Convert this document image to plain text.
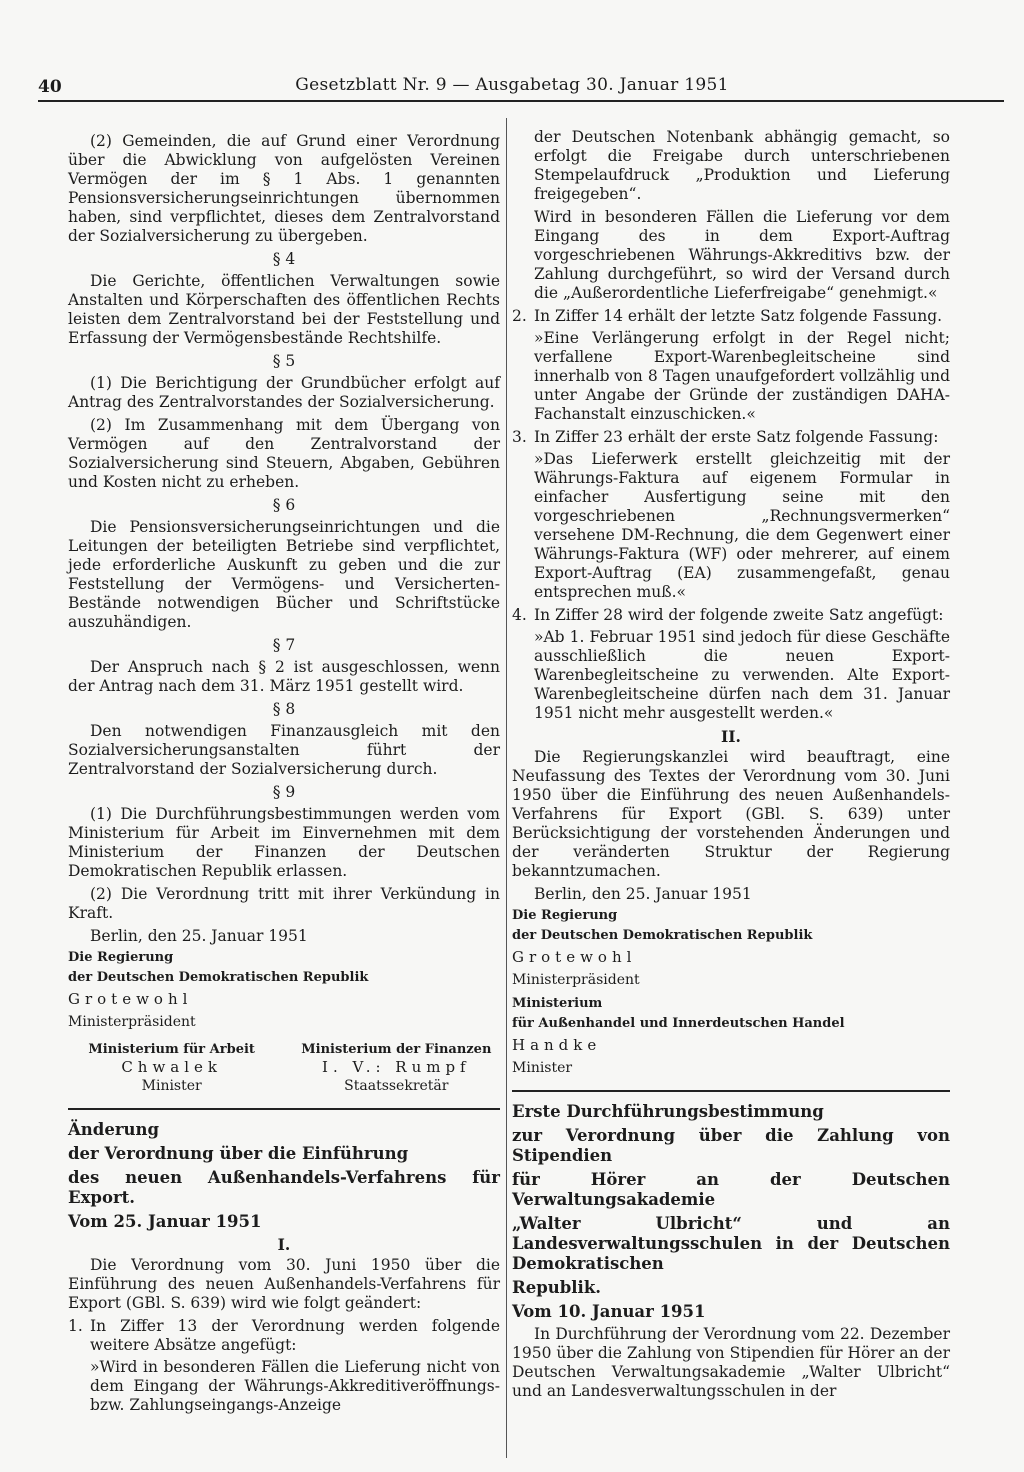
40	Gesetzblatt Nr. 9 — Ausgabetag 30. Januar 1951

(2) Gemeinden, die auf Grund einer Verordnung über die Abwicklung von aufgelösten Vereinen Vermögen der im § 1 Abs. 1 genannten Pensionsversicherungseinrichtungen übernommen haben, sind verpflichtet, dieses dem Zentralvorstand der Sozialversicherung zu übergeben.

§ 4

Die Gerichte, öffentlichen Verwaltungen sowie Anstalten und Körperschaften des öffentlichen Rechts leisten dem Zentralvorstand bei der Feststellung und Erfassung der Vermögensbestände Rechtshilfe.

§ 5

(1) Die Berichtigung der Grundbücher erfolgt auf Antrag des Zentralvorstandes der Sozialversicherung.

(2) Im Zusammenhang mit dem Übergang von Vermögen auf den Zentralvorstand der Sozialversicherung sind Steuern, Abgaben, Gebühren und Kosten nicht zu erheben.

§ 6

Die Pensionsversicherungseinrichtungen und die Leitungen der beteiligten Betriebe sind verpflichtet, jede erforderliche Auskunft zu geben und die zur Feststellung der Vermögens- und Versicherten-Bestände notwendigen Bücher und Schriftstücke auszuhändigen.

§ 7

Der Anspruch nach § 2 ist ausgeschlossen, wenn der Antrag nach dem 31. März 1951 gestellt wird.

§ 8

Den notwendigen Finanzausgleich mit den Sozialversicherungsanstalten führt der Zentralvorstand der Sozialversicherung durch.

§ 9

(1) Die Durchführungsbestimmungen werden vom Ministerium für Arbeit im Einvernehmen mit dem Ministerium der Finanzen der Deutschen Demokratischen Republik erlassen.

(2) Die Verordnung tritt mit ihrer Verkündung in Kraft.

Berlin, den 25. Januar 1951

Die Regierung

der Deutschen Demokratischen Republik

Grotewohl

Ministerpräsident

Ministerium für Arbeit
Chwalek
Minister
Ministerium der Finanzen
I. V.: Rumpf
Staatssekretär

Änderung

der Verordnung über die Einführung

des neuen Außenhandels-Verfahrens für Export.

Vom 25. Januar 1951

I.

Die Verordnung vom 30. Juni 1950 über die Einführung des neuen Außenhandels-Verfahrens für Export (GBl. S. 639) wird wie folgt geändert:

1. In Ziffer 13 der Verordnung werden folgende weitere Absätze angefügt:

»Wird in besonderen Fällen die Lieferung nicht von dem Eingang der Währungs-Akkreditiveröffnungs- bzw. Zahlungseingangs-Anzeige

der Deutschen Notenbank abhängig gemacht, so erfolgt die Freigabe durch unterschriebenen Stempelaufdruck „Produktion und Lieferung freigegeben“.

Wird in besonderen Fällen die Lieferung vor dem Eingang des in dem Export-Auftrag vorgeschriebenen Währungs-Akkreditivs bzw. der Zahlung durchgeführt, so wird der Versand durch die „Außerordentliche Lieferfreigabe“ genehmigt.«

2. In Ziffer 14 erhält der letzte Satz folgende Fassung.

»Eine Verlängerung erfolgt in der Regel nicht; verfallene Export-Warenbegleitscheine sind innerhalb von 8 Tagen unaufgefordert vollzählig und unter Angabe der Gründe der zuständigen DAHA-Fachanstalt einzuschicken.«

3. In Ziffer 23 erhält der erste Satz folgende Fassung:

»Das Lieferwerk erstellt gleichzeitig mit der Währungs-Faktura auf eigenem Formular in einfacher Ausfertigung seine mit den vorgeschriebenen „Rechnungsvermerken“ versehene DM-Rechnung, die dem Gegenwert einer Währungs-Faktura (WF) oder mehrerer, auf einem Export-Auftrag (EA) zusammengefaßt, genau entsprechen muß.«

4. In Ziffer 28 wird der folgende zweite Satz angefügt:

»Ab 1. Februar 1951 sind jedoch für diese Geschäfte ausschließlich die neuen Export-Warenbegleitscheine zu verwenden. Alte Export-Warenbegleitscheine dürfen nach dem 31. Januar 1951 nicht mehr ausgestellt werden.«

II.

Die Regierungskanzlei wird beauftragt, eine Neufassung des Textes der Verordnung vom 30. Juni 1950 über die Einführung des neuen Außenhandels-Verfahrens für Export (GBl. S. 639) unter Berücksichtigung der vorstehenden Änderungen und der veränderten Struktur der Regierung bekanntzumachen.

Berlin, den 25. Januar 1951

Die Regierung

der Deutschen Demokratischen Republik

Grotewohl

Ministerpräsident

Ministerium

für Außenhandel und Innerdeutschen Handel

Handke

Minister

Erste Durchführungsbestimmung

zur Verordnung über die Zahlung von Stipendien

für Hörer an der Deutschen Verwaltungsakademie

„Walter Ulbricht“ und an Landesverwaltungsschulen in der Deutschen Demokratischen

Republik.

Vom 10. Januar 1951

In Durchführung der Verordnung vom 22. Dezember 1950 über die Zahlung von Stipendien für Hörer an der Deutschen Verwaltungsakademie „Walter Ulbricht“ und an Landesverwaltungsschulen in der
